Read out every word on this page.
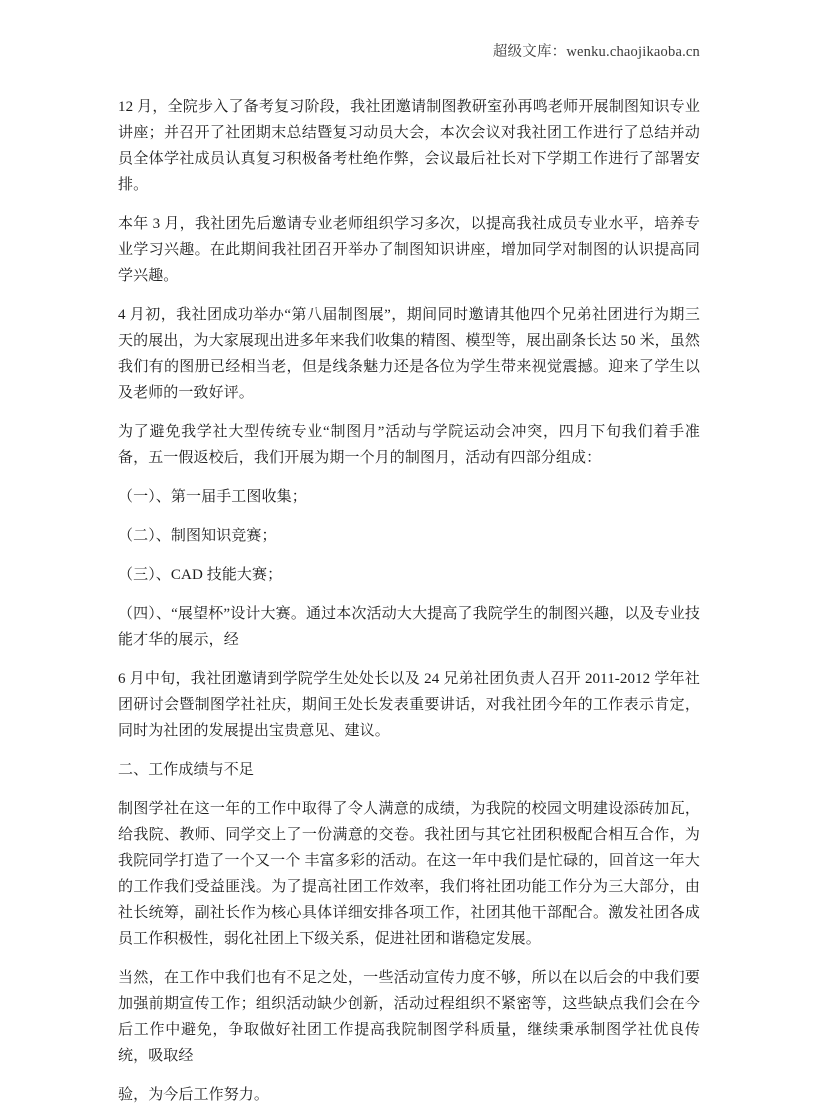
超级文库：wenku.chaojikaoba.cn

12 月，全院步入了备考复习阶段，我社团邀请制图教研室孙再鸣老师开展制图知识专业讲座；并召开了社团期末总结暨复习动员大会，本次会议对我社团工作进行了总结并动员全体学社成员认真复习积极备考杜绝作弊，会议最后社长对下学期工作进行了部署安排。

本年 3 月，我社团先后邀请专业老师组织学习多次，以提高我社成员专业水平，培养专业学习兴趣。在此期间我社团召开举办了制图知识讲座，增加同学对制图的认识提高同学兴趣。

4 月初，我社团成功举办“第八届制图展”，期间同时邀请其他四个兄弟社团进行为期三天的展出，为大家展现出进多年来我们收集的精图、模型等，展出副条长达 50 米，虽然我们有的图册已经相当老，但是线条魅力还是各位为学生带来视觉震撼。迎来了学生以及老师的一致好评。

为了避免我学社大型传统专业“制图月”活动与学院运动会冲突，四月下旬我们着手准备，五一假返校后，我们开展为期一个月的制图月，活动有四部分组成：

（一）、第一届手工图收集；

（二）、制图知识竞赛；

（三）、CAD 技能大赛；

（四）、“展望杯”设计大赛。通过本次活动大大提高了我院学生的制图兴趣，以及专业技能才华的展示，经

6 月中旬，我社团邀请到学院学生处处长以及 24 兄弟社团负责人召开 2011-2012 学年社团研讨会暨制图学社社庆，期间王处长发表重要讲话，对我社团今年的工作表示肯定，同时为社团的发展提出宝贵意见、建议。

二、工作成绩与不足

制图学社在这一年的工作中取得了令人满意的成绩，为我院的校园文明建设添砖加瓦，给我院、教师、同学交上了一份满意的交卷。我社团与其它社团积极配合相互合作，为我院同学打造了一个又一个 丰富多彩的活动。在这一年中我们是忙碌的，回首这一年大的工作我们受益匪浅。为了提高社团工作效率，我们将社团功能工作分为三大部分，由社长统筹，副社长作为核心具体详细安排各项工作，社团其他干部配合。激发社团各成员工作积极性，弱化社团上下级关系，促进社团和谐稳定发展。

当然，在工作中我们也有不足之处，一些活动宣传力度不够，所以在以后会的中我们要加强前期宣传工作；组织活动缺少创新，活动过程组织不紧密等，这些缺点我们会在今后工作中避免，争取做好社团工作提高我院制图学科质量，继续秉承制图学社优良传统，吸取经

验，为今后工作努力。
